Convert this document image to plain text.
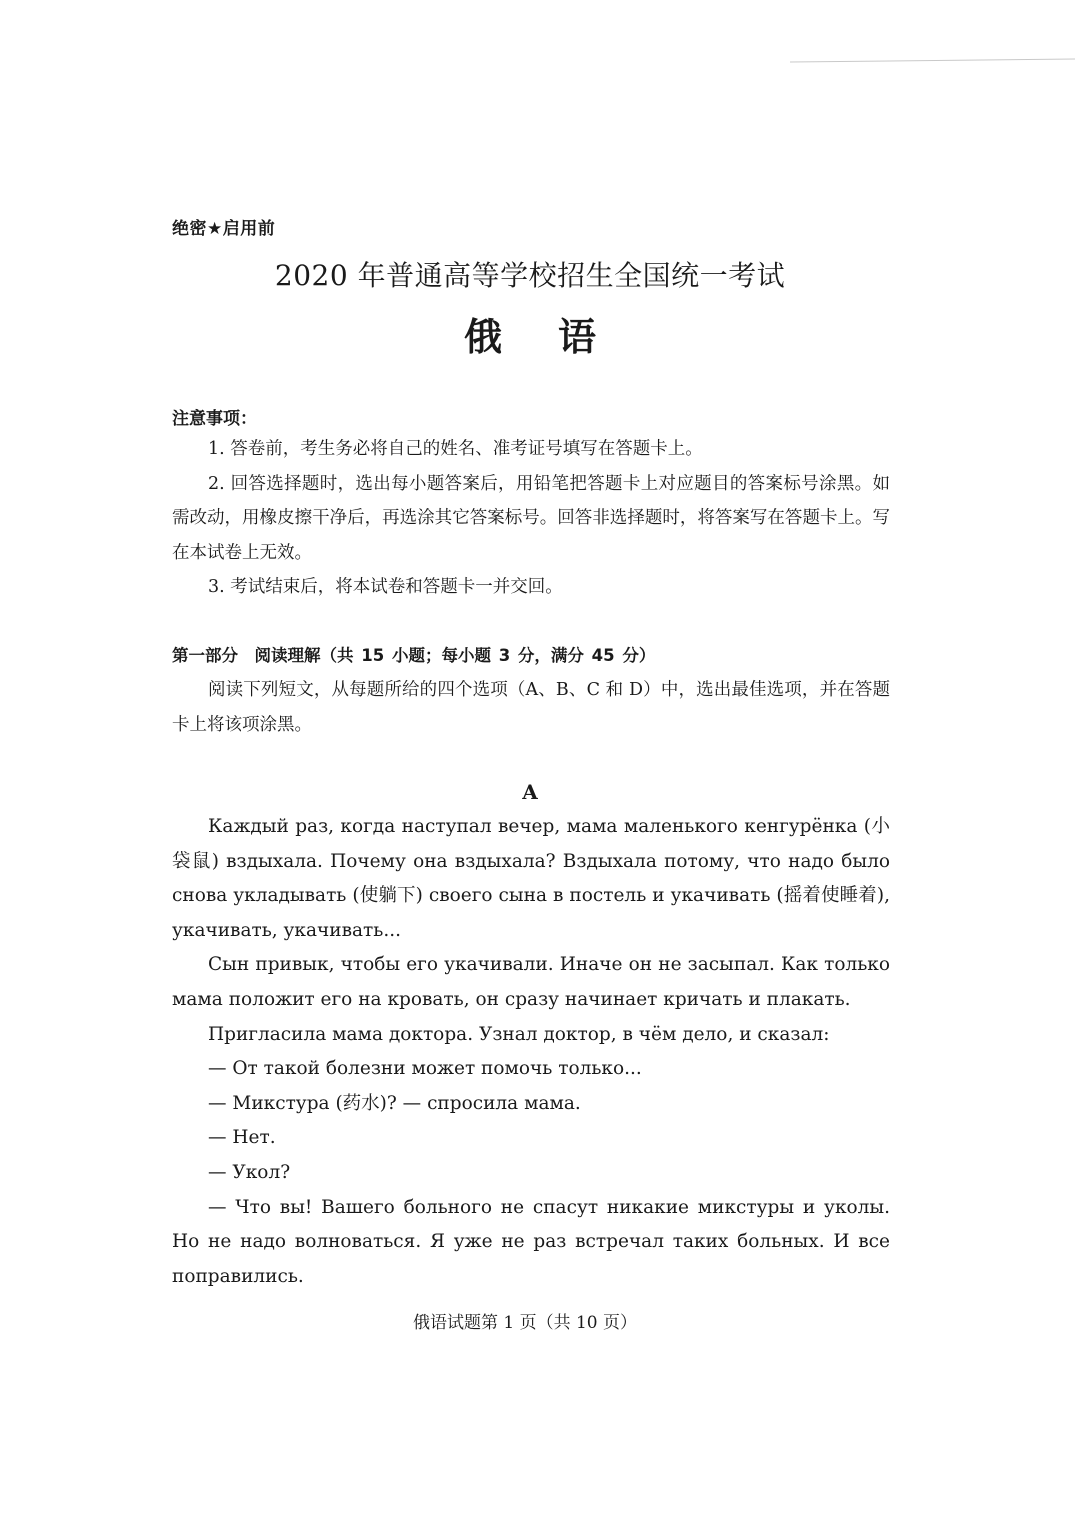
绝密★启用前
2020 年普通高等学校招生全国统一考试
俄语
注意事项：

1. 答卷前，考生务必将自己的姓名、准考证号填写在答题卡上。

2. 回答选择题时，选出每小题答案后，用铅笔把答题卡上对应题目的答案标号涂黑。如需改动，用橡皮擦干净后，再选涂其它答案标号。回答非选择题时，将答案写在答题卡上。写在本试卷上无效。

3. 考试结束后，将本试卷和答题卡一并交回。

第一部分　阅读理解（共 15 小题；每小题 3 分，满分 45 分）

阅读下列短文，从每题所给的四个选项（A、B、C 和 D）中，选出最佳选项，并在答题卡上将该项涂黑。

A

Каждый раз, когда наступал вечер, мама маленького кенгурёнка (小袋鼠) вздыхала. Почему она вздыхала? Вздыхала потому, что надо было снова укладывать (使躺下) своего сына в постель и укачивать (摇着使睡着), укачивать, укачивать...

Сын привык, чтобы его укачивали. Иначе он не засыпал. Как только мама положит его на кровать, он сразу начинает кричать и плакать.

Пригласила мама доктора. Узнал доктор, в чём дело, и сказал:

— От такой болезни может помочь только...

— Микстура (药水)? — спросила мама.

— Нет.

— Укол?

— Что вы! Вашего больного не спасут никакие микстуры и уколы. Но не надо волноваться. Я уже не раз встречал таких больных. И все поправились.

俄语试题第 1 页（共 10 页）
